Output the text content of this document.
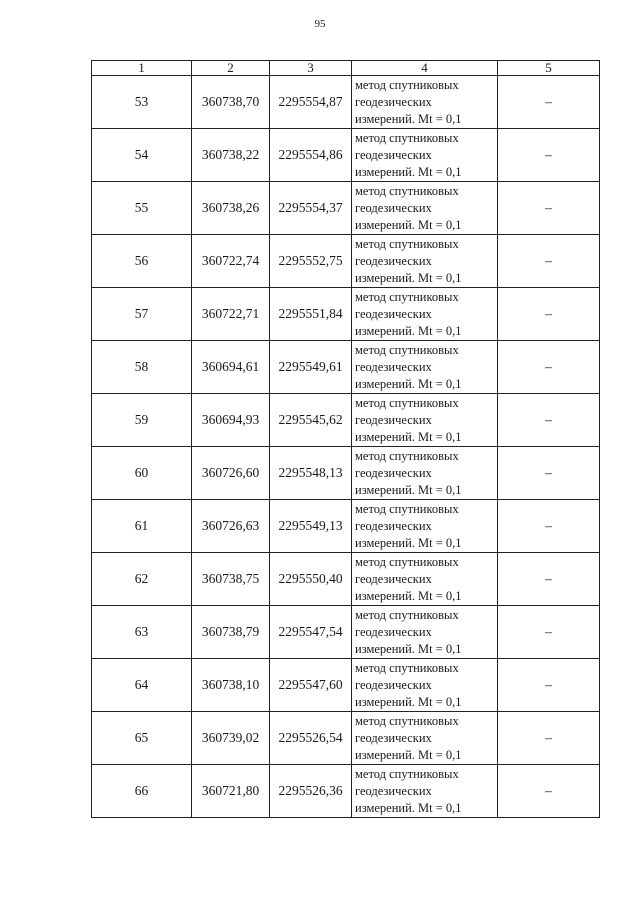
95
1	2	3	4	5
53	360738,70	2295554,87	метод спутниковых
геодезических
измерений. Mt = 0,1	–
54	360738,22	2295554,86	метод спутниковых
геодезических
измерений. Mt = 0,1	–
55	360738,26	2295554,37	метод спутниковых
геодезических
измерений. Mt = 0,1	–
56	360722,74	2295552,75	метод спутниковых
геодезических
измерений. Mt = 0,1	–
57	360722,71	2295551,84	метод спутниковых
геодезических
измерений. Mt = 0,1	–
58	360694,61	2295549,61	метод спутниковых
геодезических
измерений. Mt = 0,1	–
59	360694,93	2295545,62	метод спутниковых
геодезических
измерений. Mt = 0,1	–
60	360726,60	2295548,13	метод спутниковых
геодезических
измерений. Mt = 0,1	–
61	360726,63	2295549,13	метод спутниковых
геодезических
измерений. Mt = 0,1	–
62	360738,75	2295550,40	метод спутниковых
геодезических
измерений. Mt = 0,1	–
63	360738,79	2295547,54	метод спутниковых
геодезических
измерений. Mt = 0,1	–
64	360738,10	2295547,60	метод спутниковых
геодезических
измерений. Mt = 0,1	–
65	360739,02	2295526,54	метод спутниковых
геодезических
измерений. Mt = 0,1	–
66	360721,80	2295526,36	метод спутниковых
геодезических
измерений. Mt = 0,1	–
